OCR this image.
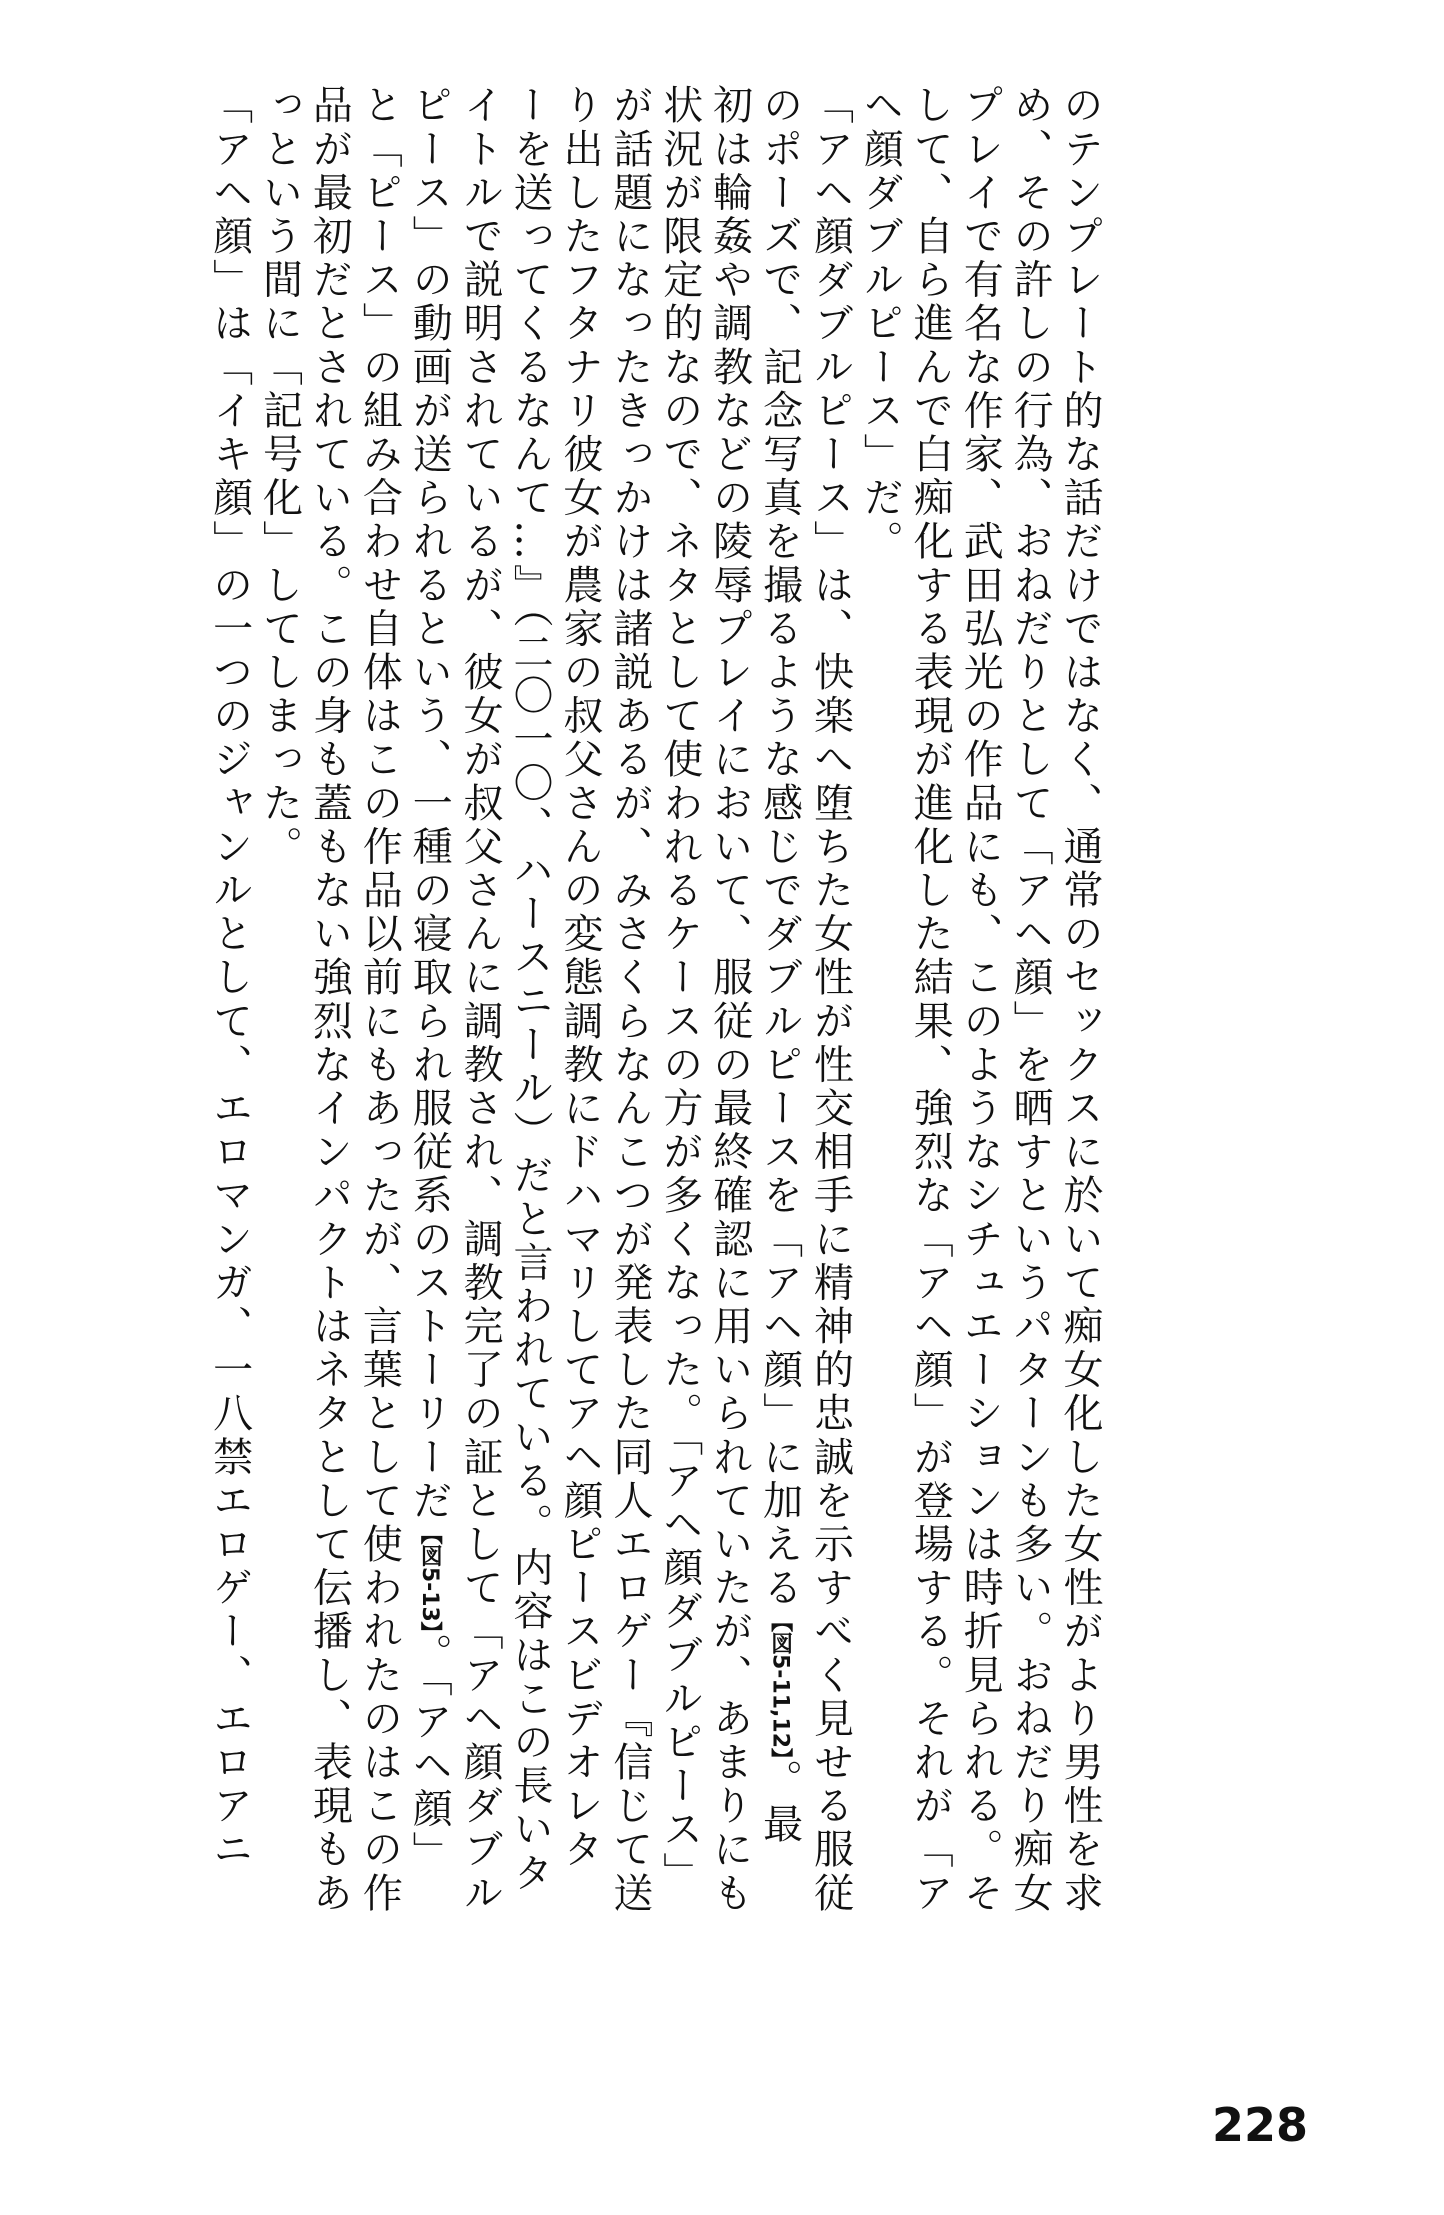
のテンプレート的な話だけではなく、通常のセックスに於いて痴女化した女性がより男性を求
め、その許しの行為、おねだりとして「アヘ顔」を晒すというパターンも多い。おねだり痴女
プレイで有名な作家、武田弘光の作品にも、このようなシチュエーションは時折見られる。そ
して、自ら進んで白痴化する表現が進化した結果、強烈な「アヘ顔」が登場する。それが「ア
ヘ顔ダブルピース」だ。
「アヘ顔ダブルピース」は、快楽へ堕ちた女性が性交相手に精神的忠誠を示すべく見せる服従
のポーズで、記念写真を撮るような感じでダブルピースを「アヘ顔」に加える【図5-11,12】。最
初は輪姦や調教などの陵辱プレイにおいて、服従の最終確認に用いられていたが、あまりにも
状況が限定的なので、ネタとして使われるケースの方が多くなった。「アヘ顔ダブルピース」
が話題になったきっかけは諸説あるが、みさくらなんこつが発表した同人エロゲー『信じて送
り出したフタナリ彼女が農家の叔父さんの変態調教にドハマリしてアヘ顔ピースビデオレタ
ーを送ってくるなんて…』（二〇一〇、ハースニール）だと言われている。内容はこの長いタ
イトルで説明されているが、彼女が叔父さんに調教され、調教完了の証として「アヘ顔ダブル
ピース」の動画が送られるという、一種の寝取られ服従系のストーリーだ【図5-13】。「アヘ顔」
と「ピース」の組み合わせ自体はこの作品以前にもあったが、言葉として使われたのはこの作
品が最初だとされている。この身も蓋もない強烈なインパクトはネタとして伝播し、表現もあ
っという間に「記号化」してしまった。
「アヘ顔」は「イキ顔」の一つのジャンルとして、エロマンガ、一八禁エロゲー、エロアニ
228
